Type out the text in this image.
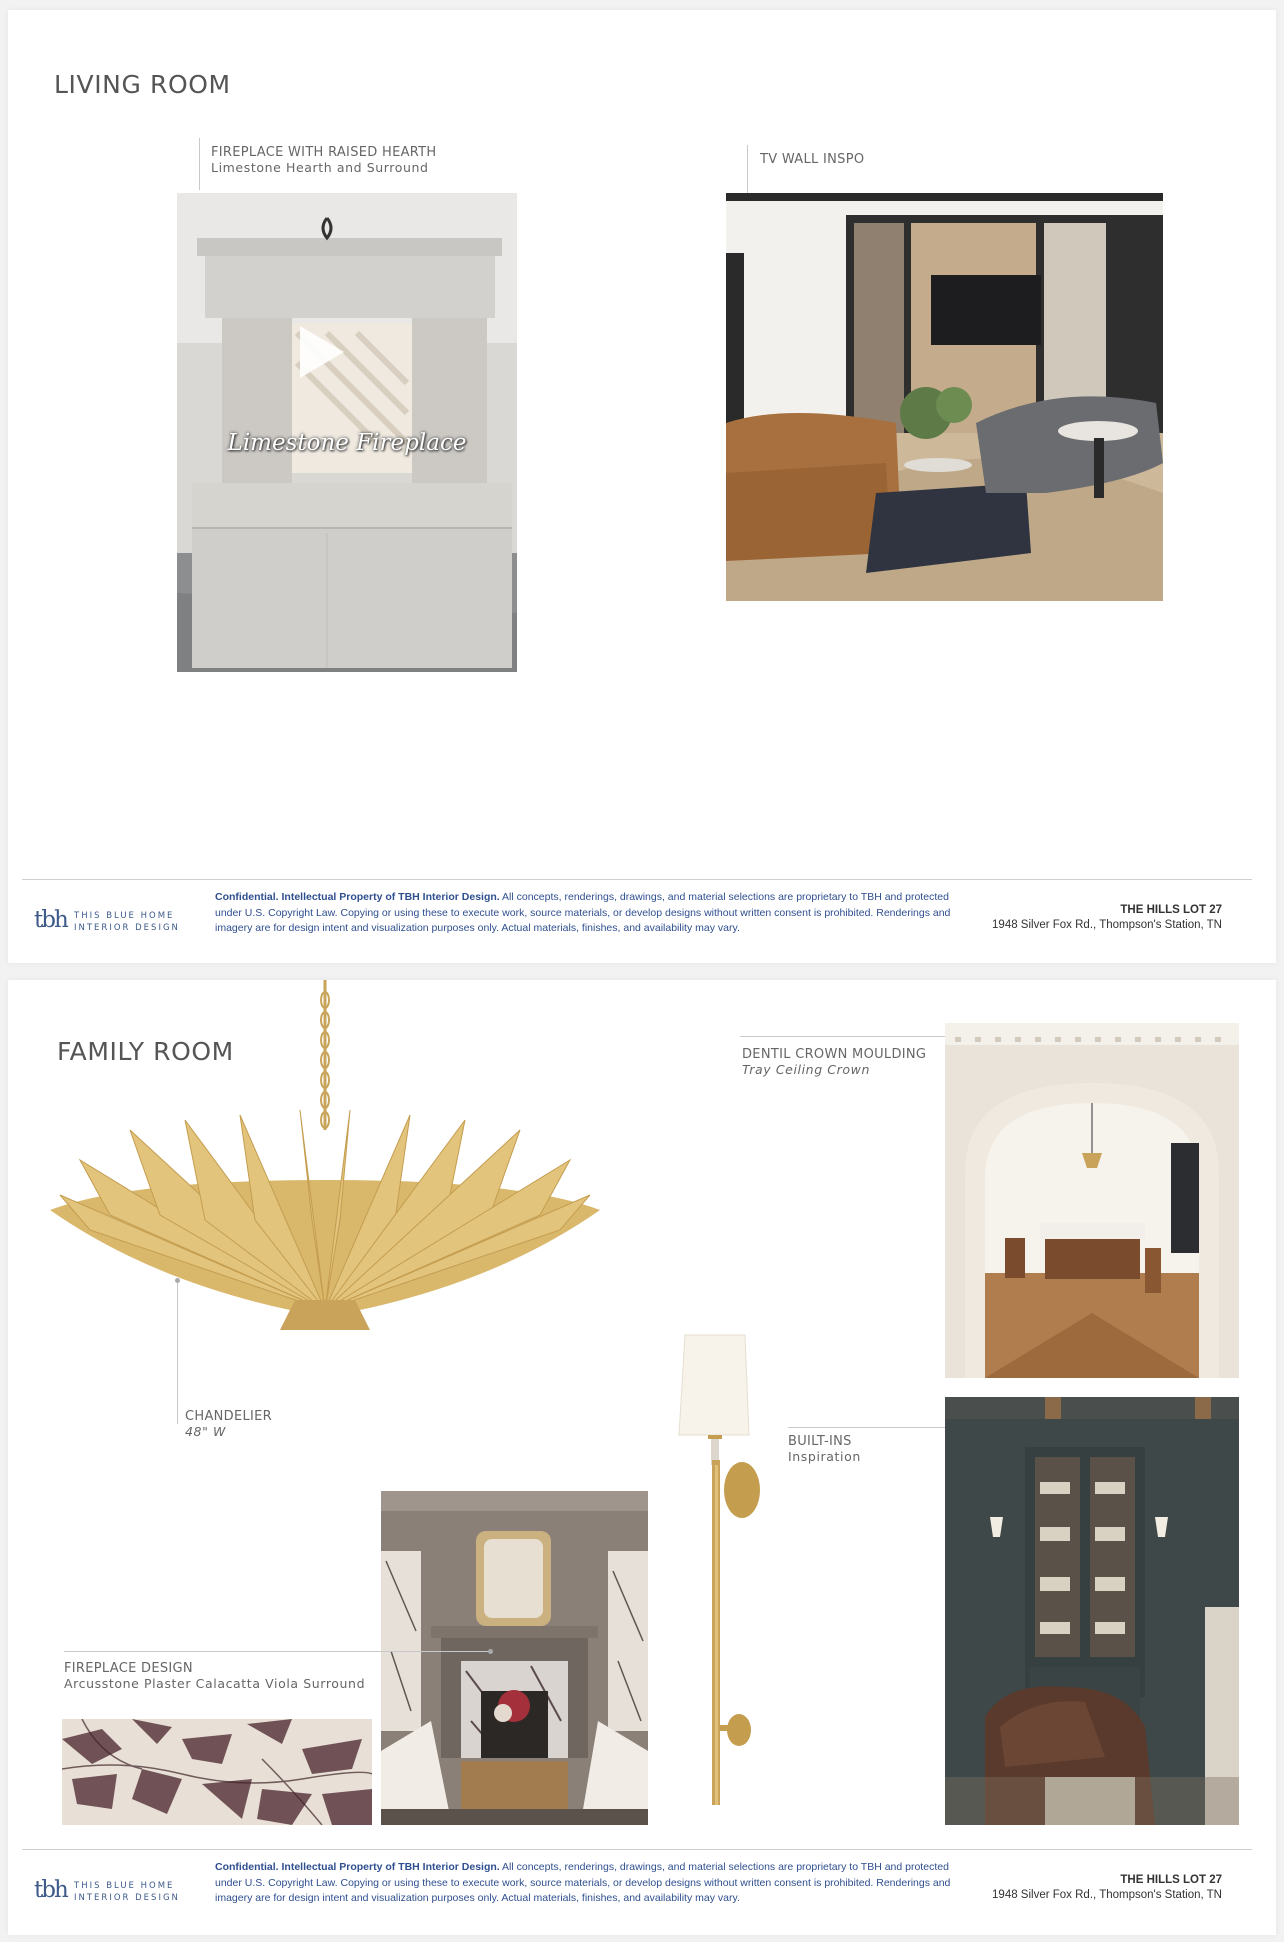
LIVING ROOM
FIREPLACE WITH RAISED HEARTH
Limestone Hearth and Surround
Limestone Fireplace
TV WALL INSPO
tbh THIS BLUE HOME
INTERIOR DESIGN
Confidential. Intellectual Property of TBH Interior Design. All concepts, renderings, drawings, and material selections are proprietary to TBH and protected under U.S. Copyright Law. Copying or using these to execute work, source materials, or develop designs without written consent is prohibited. Renderings and imagery are for design intent and visualization purposes only. Actual materials, finishes, and availability may vary.
THE HILLS LOT 27
1948 Silver Fox Rd., Thompson's Station, TN
FAMILY ROOM
CHANDELIER
48" W
DENTIL CROWN MOULDING
Tray Ceiling Crown
BUILT-INS
Inspiration
FIREPLACE DESIGN
Arcusstone Plaster Calacatta Viola Surround
tbh THIS BLUE HOME
INTERIOR DESIGN
Confidential. Intellectual Property of TBH Interior Design. All concepts, renderings, drawings, and material selections are proprietary to TBH and protected under U.S. Copyright Law. Copying or using these to execute work, source materials, or develop designs without written consent is prohibited. Renderings and imagery are for design intent and visualization purposes only. Actual materials, finishes, and availability may vary.
THE HILLS LOT 27
1948 Silver Fox Rd., Thompson's Station, TN
